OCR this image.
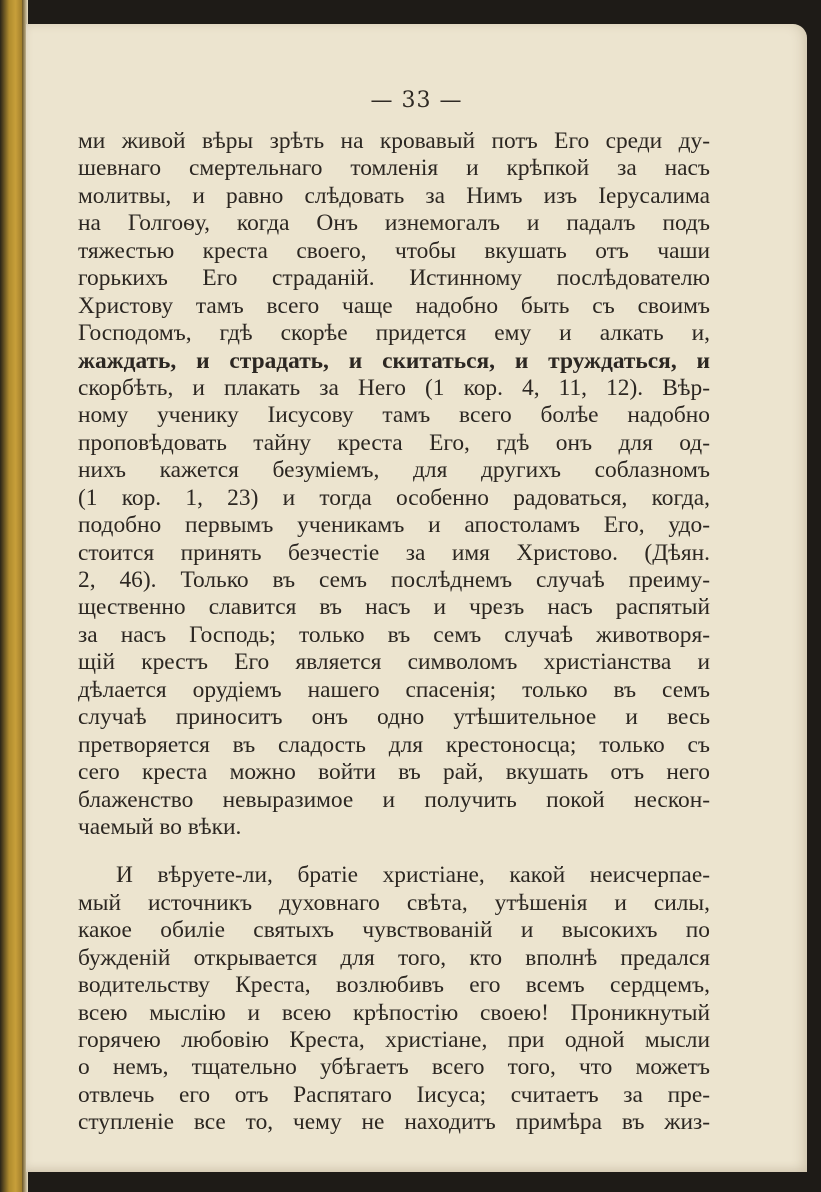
— 33 —
ми живой вѣры зрѣть на кровавый потъ Его среди ду-
шевнаго смертельнаго томленія и крѣпкой за насъ
молитвы, и равно слѣдовать за Нимъ изъ Іерусалима
на Голгоѳу, когда Онъ изнемогалъ и падалъ подъ
тяжестью креста своего, чтобы вкушать отъ чаши
горькихъ Его страданій. Истинному послѣдователю
Христову тамъ всего чаще надобно быть съ своимъ
Господомъ, гдѣ скорѣе придется ему и алкать и,
жаждать, и страдать, и скитаться, и труждаться, и
скорбѣть, и плакать за Него (1 кор. 4, 11, 12). Вѣр-
ному ученику Іисусову тамъ всего болѣе надобно
проповѣдовать тайну креста Его, гдѣ онъ для од-
нихъ кажется безуміемъ, для другихъ соблазномъ
(1 кор. 1, 23) и тогда особенно радоваться, когда,
подобно первымъ ученикамъ и апостоламъ Его, удо-
стоится принять безчестіе за имя Христово. (Дѣян.
2, 46). Только въ семъ послѣднемъ случаѣ преиму-
щественно славится въ насъ и чрезъ насъ распятый
за насъ Господь; только въ семъ случаѣ животворя-
щій крестъ Его является символомъ христіанства и
дѣлается орудіемъ нашего спасенія; только въ семъ
случаѣ приноситъ онъ одно утѣшительное и весь
претворяется въ сладость для крестоносца; только съ
сего креста можно войти въ рай, вкушать отъ него
блаженство невыразимое и получить покой нескон-
чаемый во вѣки.
И вѣруете-ли, братіе христіане, какой неисчерпае-
мый источникъ духовнаго свѣта, утѣшенія и силы,
какое обиліе святыхъ чувствованій и высокихъ по
бужденій открывается для того, кто вполнѣ предался
водительству Креста, возлюбивъ его всемъ сердцемъ,
всею мыслію и всею крѣпостію своею! Проникнутый
горячею любовію Креста, христіане, при одной мысли
о немъ, тщательно убѣгаетъ всего того, что можетъ
отвлечь его отъ Распятаго Іисуса; считаетъ за пре-
ступленіе все то, чему не находитъ примѣра въ жиз-
